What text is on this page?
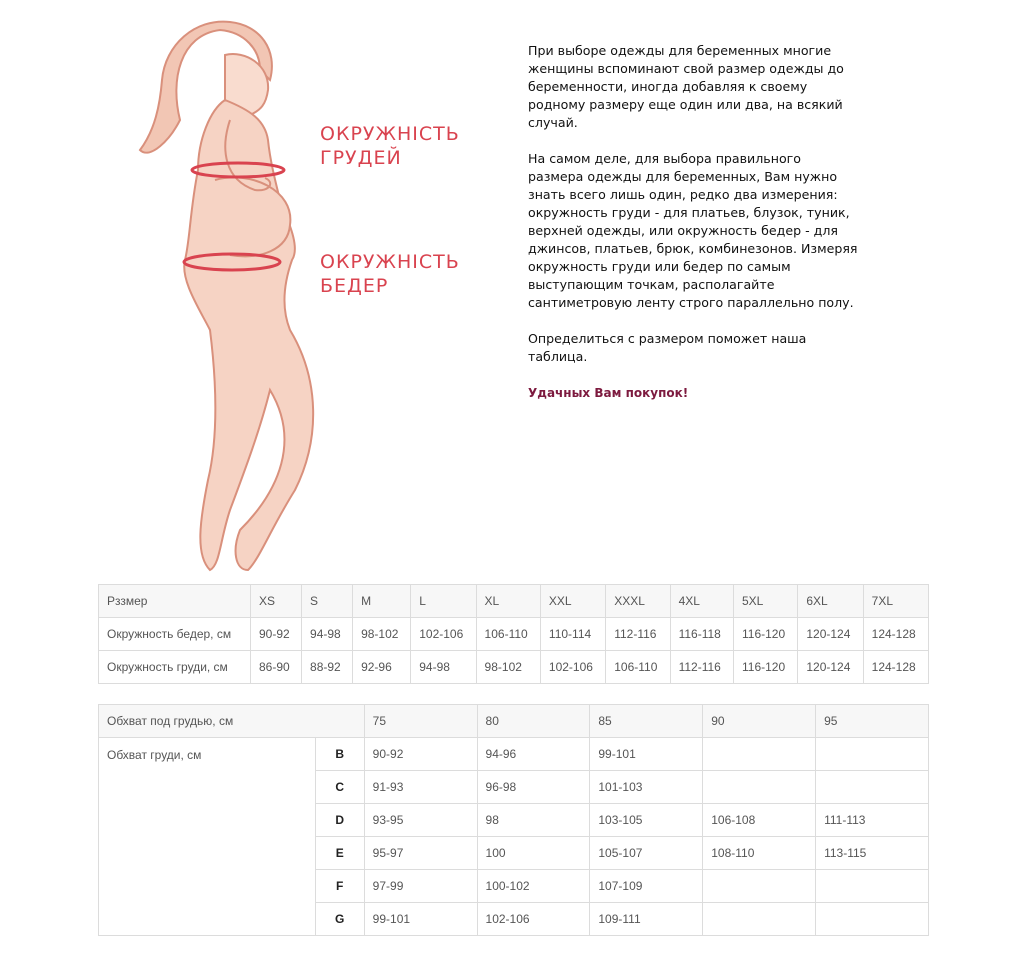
ОКРУЖНІСТЬ
ГРУДЕЙ
ОКРУЖНІСТЬ
БЕДЕР

При выборе одежды для беременных многие женщины вспоминают свой размер одежды до беременности, иногда добавляя к своему родному размеру еще один или два, на всякий случай.

На самом деле, для выбора правильного размера одежды для беременных, Вам нужно знать всего лишь один, редко два измерения: окружность груди - для платьев, блузок, туник, верхней одежды, или окружность бедер - для джинсов, платьев, брюк, комбинезонов. Измеряя окружность груди или бедер по самым выступающим точкам, располагайте сантиметровую ленту строго параллельно полу.

Определиться с размером поможет наша таблица.

Удачных Вам покупок!
Рззмер	XS	S	M	L	XL	XXL	XXXL	4XL	5XL	6XL	7XL
Окружность бедер, см	90-92	94-98	98-102	102-106	106-110	110-114	112-116	116-118	116-120	120-124	124-128
Окружность груди, см	86-90	88-92	92-96	94-98	98-102	102-106	106-110	112-116	116-120	120-124	124-128
Обхват под грудью, см		75	80	85	90	95
Обхват груди, см	B	90-92	94-96	99-101		
	C	91-93	96-98	101-103		
	D	93-95	98	103-105	106-108	111-113
	E	95-97	100	105-107	108-110	113-115
	F	97-99	100-102	107-109		
	G	99-101	102-106	109-111		
